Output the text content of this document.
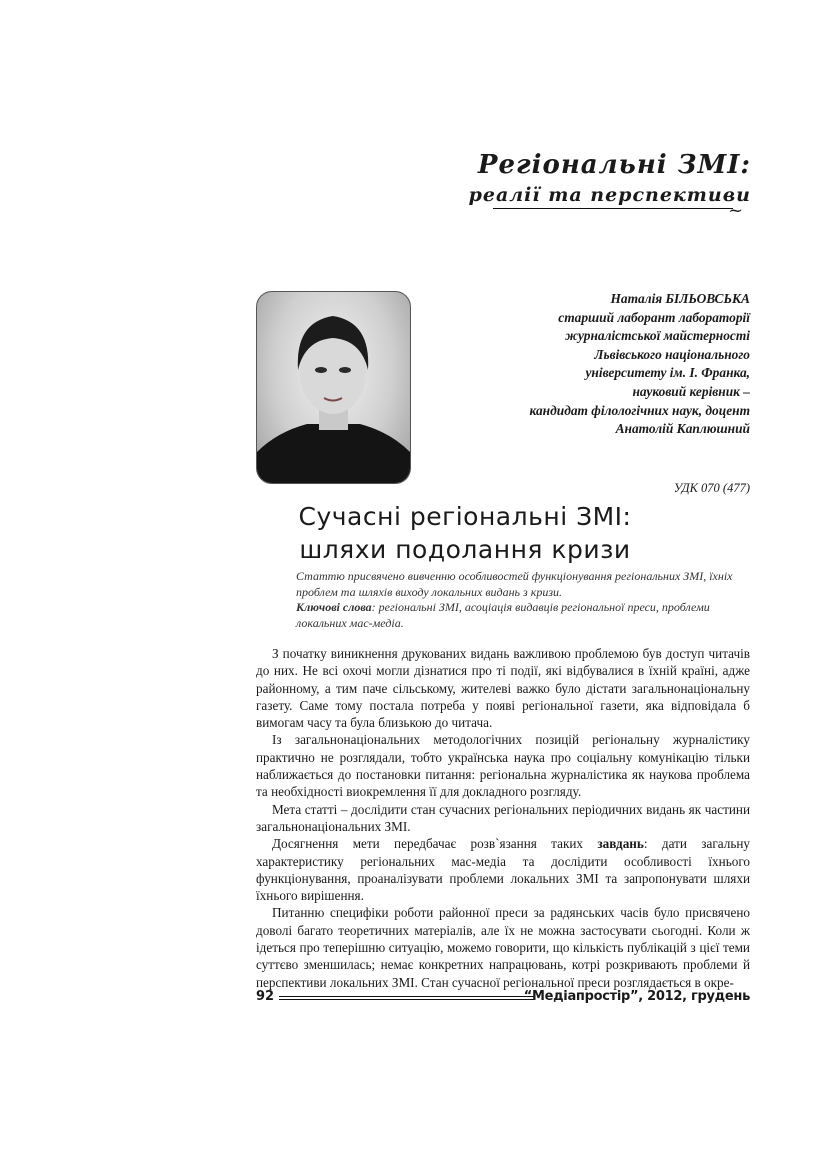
Регіональні ЗМІ:
реалії та перспективи
~
Наталія БІЛЬОВСЬКА
старший лаборант лабораторії
журналістської майстерності
Львівського національного
університету ім. І. Франка,
науковий керівник –
кандидат філологічних наук, доцент
Анатолій Каплюшний
УДК 070 (477)
Сучасні регіональні ЗМІ:
шляхи подолання кризи

Статтю присвячено вивченню особливостей функціонування регіональних ЗМІ, їхніх проблем та шляхів виходу локальних видань з кризи.

Ключові слова: регіональні ЗМІ, асоціація видавців регіональної преси, проблеми локальних мас-медіа.

З початку виникнення друкованих видань важливою проблемою був доступ читачів до них. Не всі охочі могли дізнатися про ті події, які відбувалися в їхній країні, адже районному, а тим паче сільському, жителеві важко було дістати загальнонаціональну газету. Саме тому постала потреба у появі регіональної газети, яка відповідала б вимогам часу та була близькою до читача.

Із загальнонаціональних методологічних позицій регіональну журналістику практично не розглядали, тобто українська наука про соціальну комунікацію тільки наближається до постановки питання: регіональна журналістика як наукова проблема та необхідності виокремлення її для докладного розгляду.

Мета статті – дослідити стан сучасних регіональних періодичних видань як частини загальнонаціональних ЗМІ.

Досягнення мети передбачає розв`язання таких завдань: дати загальну характеристику регіональних мас-медіа та дослідити особливості їхнього функціонування, проаналізувати проблеми локальних ЗМІ та запропонувати шляхи їхнього вирішення.

Питанню специфіки роботи районної преси за радянських часів було присвячено доволі багато теоретичних матеріалів, але їх не можна застосувати сьогодні. Коли ж ідеться про теперішню ситуацію, можемо говорити, що кількість публікацій з цієї теми суттєво зменшилась; немає конкретних напрацювань, котрі розкривають проблеми й перспективи локальних ЗМІ. Стан сучасної регіональної преси розглядається в окре-

92	“Медіапростір”, 2012, грудень
